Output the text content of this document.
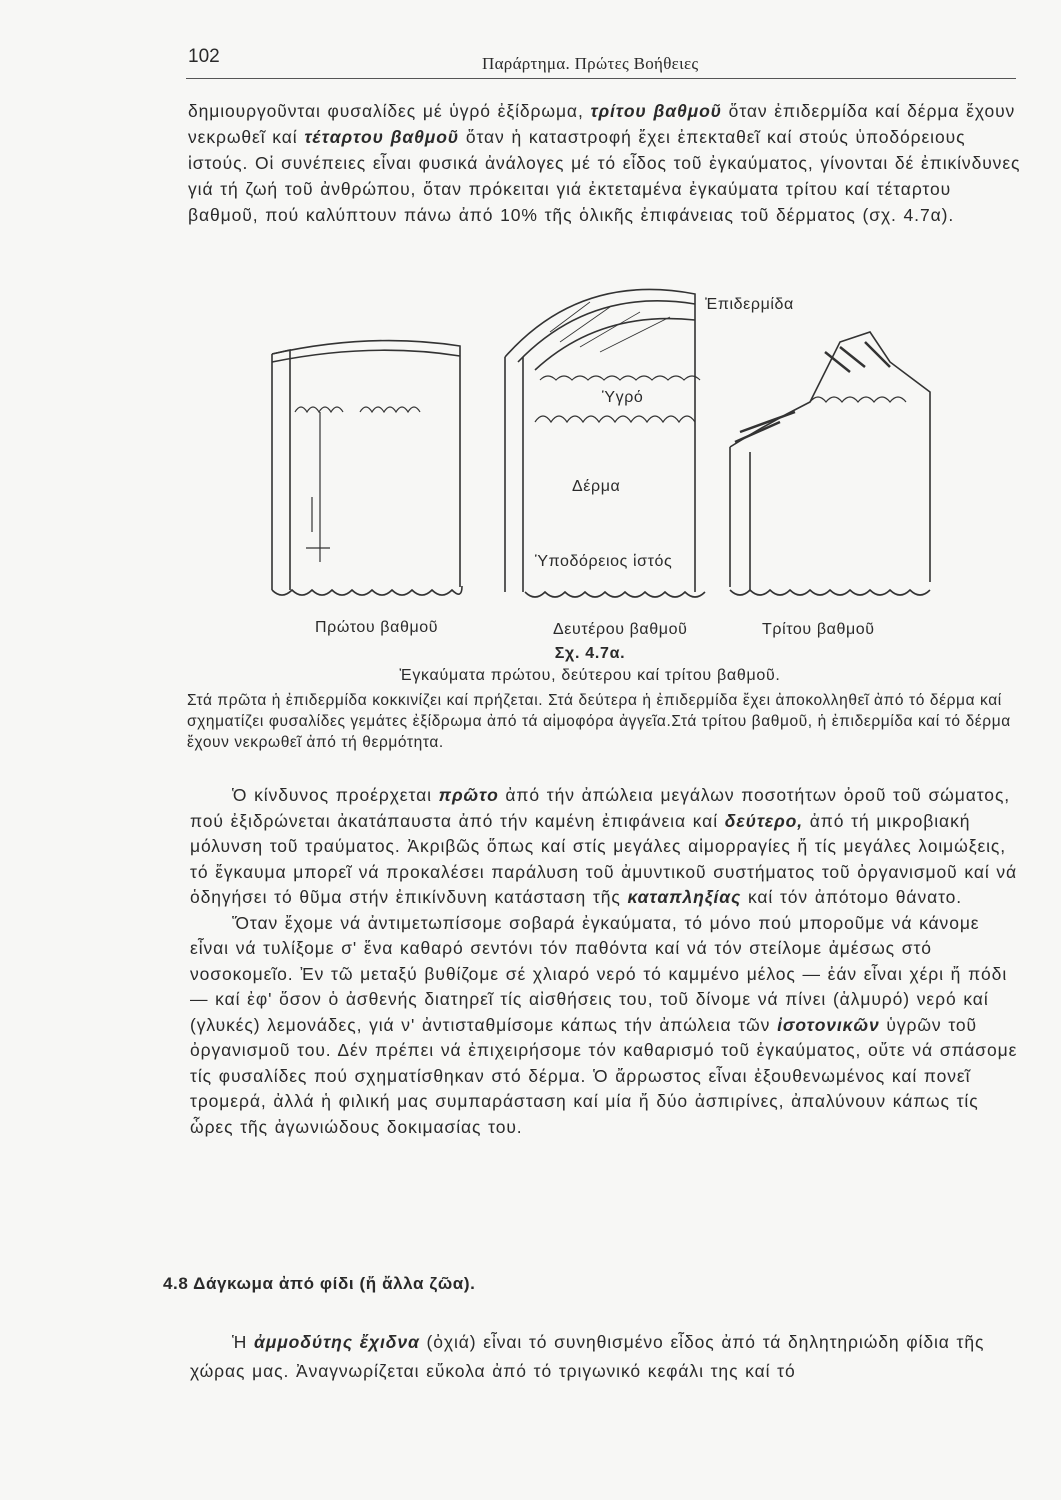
102	Παράρτημα. Πρώτες Βοήθειες

δημιουργοῦνται φυσαλίδες μέ ὑγρό ἐξίδρωμα, τρίτου βαθμοῦ ὅταν ἐπιδερμίδα καί δέρμα ἔχουν νεκρωθεῖ καί τέταρτου βαθμοῦ ὅταν ἡ καταστροφή ἔχει ἐπεκταθεῖ καί στούς ὑποδόρειους ἱστούς. Οἱ συνέπειες εἶναι φυσικά ἀνάλογες μέ τό εἶδος τοῦ ἐγκαύματος, γίνονται δέ ἐπικίνδυνες γιά τή ζωή τοῦ ἀνθρώπου, ὅταν πρόκειται γιά ἐκτεταμένα ἐγκαύματα τρίτου καί τέταρτου βαθμοῦ, πού καλύπτουν πάνω ἀπό 10% τῆς ὁλικῆς ἐπιφάνειας τοῦ δέρματος (σχ. 4.7α).

Ἐπιδερμίδα
Ὑγρό
Δέρμα
Ὑποδόρειος ἱστός
Πρώτου βαθμοῦ	Δευτέρου βαθμοῦ	Τρίτου βαθμοῦ
Σχ. 4.7α.
Ἐγκαύματα πρώτου, δεύτερου καί τρίτου βαθμοῦ.
Στά πρῶτα ἡ ἐπιδερμίδα κοκκινίζει καί πρήζεται. Στά δεύτερα ἡ ἐπιδερμίδα ἔχει ἀποκολληθεῖ ἀπό τό δέρμα καί σχηματίζει φυσαλίδες γεμάτες ἐξίδρωμα ἀπό τά αἱμοφόρα ἀγγεῖα.Στά τρίτου βαθμοῦ, ἡ ἐπιδερμίδα καί τό δέρμα ἔχουν νεκρωθεῖ ἀπό τή θερμότητα.

Ὁ κίνδυνος προέρχεται πρῶτο ἀπό τήν ἀπώλεια μεγάλων ποσοτήτων ὀροῦ τοῦ σώματος, πού ἐξιδρώνεται ἀκατάπαυστα ἀπό τήν καμένη ἐπιφάνεια καί δεύτερο, ἀπό τή μικροβιακή μόλυνση τοῦ τραύματος. Ἀκριβῶς ὅπως καί στίς μεγάλες αἱμορραγίες ἤ τίς μεγάλες λοιμώξεις, τό ἔγκαυμα μπορεῖ νά προκαλέσει παράλυση τοῦ ἀμυντικοῦ συστήματος τοῦ ὀργανισμοῦ καί νά ὁδηγήσει τό θῦμα στήν ἐπικίνδυνη κατάσταση τῆς καταπληξίας καί τόν ἀπότομο θάνατο.

Ὅταν ἔχομε νά ἀντιμετωπίσομε σοβαρά ἐγκαύματα, τό μόνο πού μποροῦμε νά κάνομε εἶναι νά τυλίξομε σ' ἕνα καθαρό σεντόνι τόν παθόντα καί νά τόν στείλομε ἀμέσως στό νοσοκομεῖο. Ἐν τῶ μεταξύ βυθίζομε σέ χλιαρό νερό τό καμμένο μέλος — ἐάν εἶναι χέρι ἤ πόδι — καί ἐφ' ὅσον ὁ ἀσθενής διατηρεῖ τίς αἰσθήσεις του, τοῦ δίνομε νά πίνει (ἁλμυρό) νερό καί (γλυκές) λεμονάδες, γιά ν' ἀντισταθμίσομε κάπως τήν ἀπώλεια τῶν ἰσοτονικῶν ὑγρῶν τοῦ ὀργανισμοῦ του. Δέν πρέπει νά ἐπιχειρήσομε τόν καθαρισμό τοῦ ἐγκαύματος, οὔτε νά σπάσομε τίς φυσαλίδες πού σχηματίσθηκαν στό δέρμα. Ὁ ἄρρωστος εἶναι ἐξουθενωμένος καί πονεῖ τρομερά, ἀλλά ἡ φιλική μας συμπαράσταση καί μία ἤ δύο ἀσπιρίνες, ἀπαλύνουν κάπως τίς ὧρες τῆς ἀγωνιώδους δοκιμασίας του.

4.8 Δάγκωμα ἀπό φίδι (ἤ ἄλλα ζῶα).

Ἡ ἀμμοδύτης ἔχιδνα (ὀχιά) εἶναι τό συνηθισμένο εἶδος ἀπό τά δηλητηριώδη φίδια τῆς χώρας μας. Ἀναγνωρίζεται εὔκολα ἀπό τό τριγωνικό κεφάλι της καί τό
